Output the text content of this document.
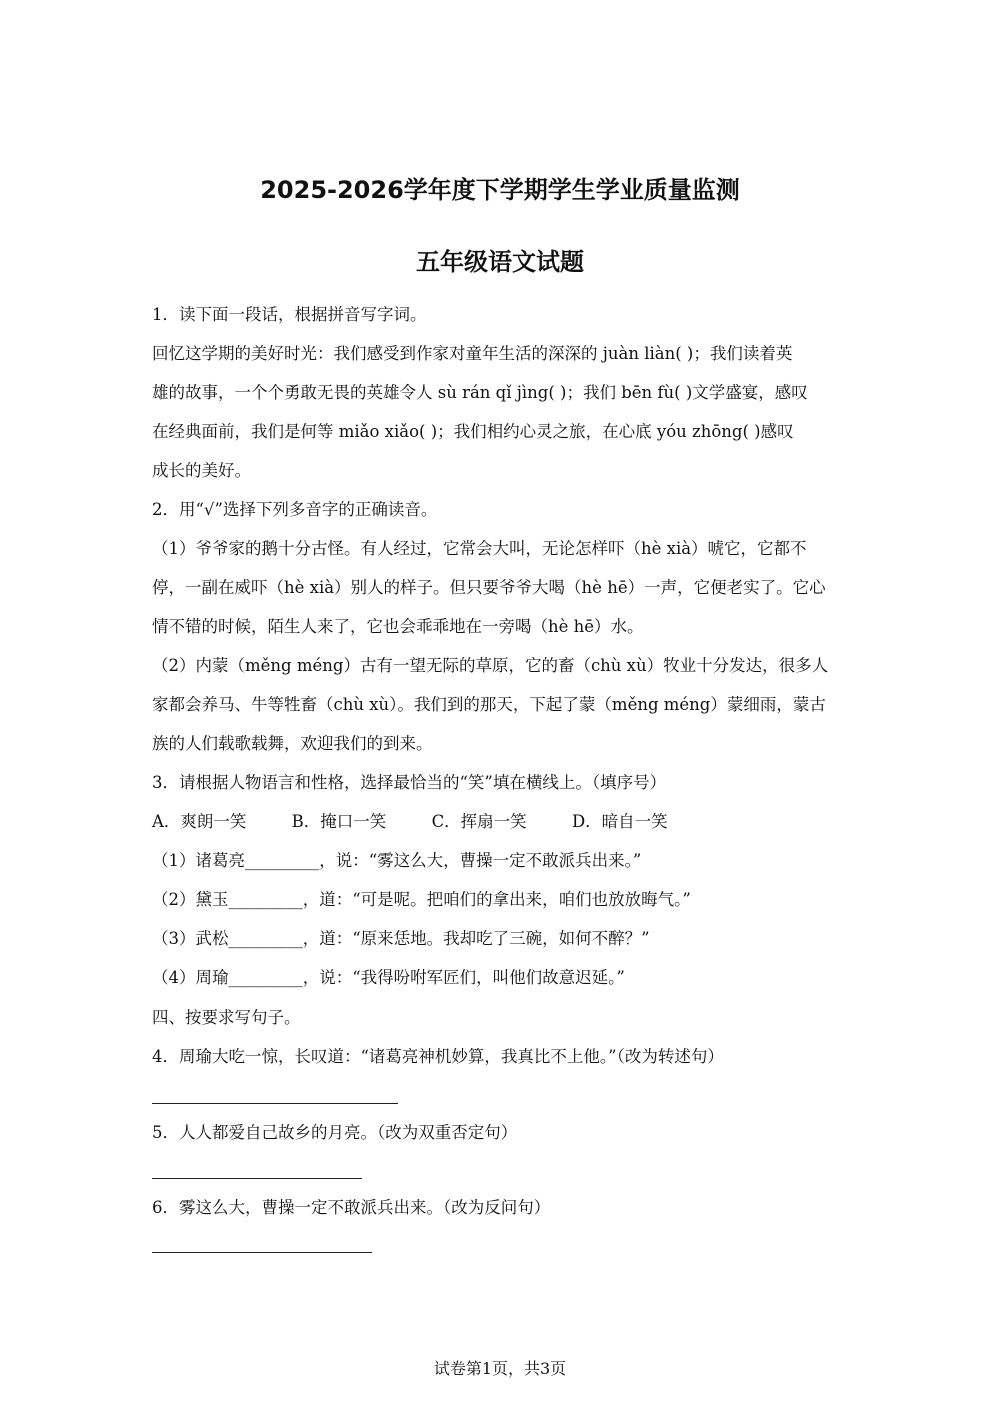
2025-2026学年度下学期学生学业质量监测
五年级语文试题
1．读下面一段话，根据拼音写字词。
回忆这学期的美好时光：我们感受到作家对童年生活的深深的 juàn liàn( )；我们读着英
雄的故事，一个个勇敢无畏的英雄令人 sù rán qǐ jìng( )；我们 bēn fù( )文学盛宴，感叹
在经典面前，我们是何等 miǎo xiǎo( )；我们相约心灵之旅，在心底 yóu zhōng( )感叹
成长的美好。
2．用“√”选择下列多音字的正确读音。
（1）爷爷家的鹅十分古怪。有人经过，它常会大叫，无论怎样吓（hè xià）唬它，它都不
停，一副在威吓（hè xià）别人的样子。但只要爷爷大喝（hè hē）一声，它便老实了。它心
情不错的时候，陌生人来了，它也会乖乖地在一旁喝（hè hē）水。
（2）内蒙（měng méng）古有一望无际的草原，它的畜（chù xù）牧业十分发达，很多人
家都会养马、牛等牲畜（chù xù）。我们到的那天，下起了蒙（měng méng）蒙细雨，蒙古
族的人们载歌载舞，欢迎我们的到来。
3．请根据人物语言和性格，选择最恰当的“笑”填在横线上。（填序号）
A．爽朗一笑	B．掩口一笑	C．挥扇一笑	D．暗自一笑
（1）诸葛亮_________，说：“雾这么大，曹操一定不敢派兵出来。”
（2）黛玉_________，道：“可是呢。把咱们的拿出来，咱们也放放晦气。”
（3）武松_________，道：“原来恁地。我却吃了三碗，如何不醉？”
（4）周瑜_________，说：“我得吩咐军匠们，叫他们故意迟延。”
四、按要求写句子。
4．周瑜大吃一惊，长叹道：“诸葛亮神机妙算，我真比不上他。”（改为转述句）
5．人人都爱自己故乡的月亮。（改为双重否定句）
6．雾这么大，曹操一定不敢派兵出来。（改为反问句）
试卷第1页，共3页
